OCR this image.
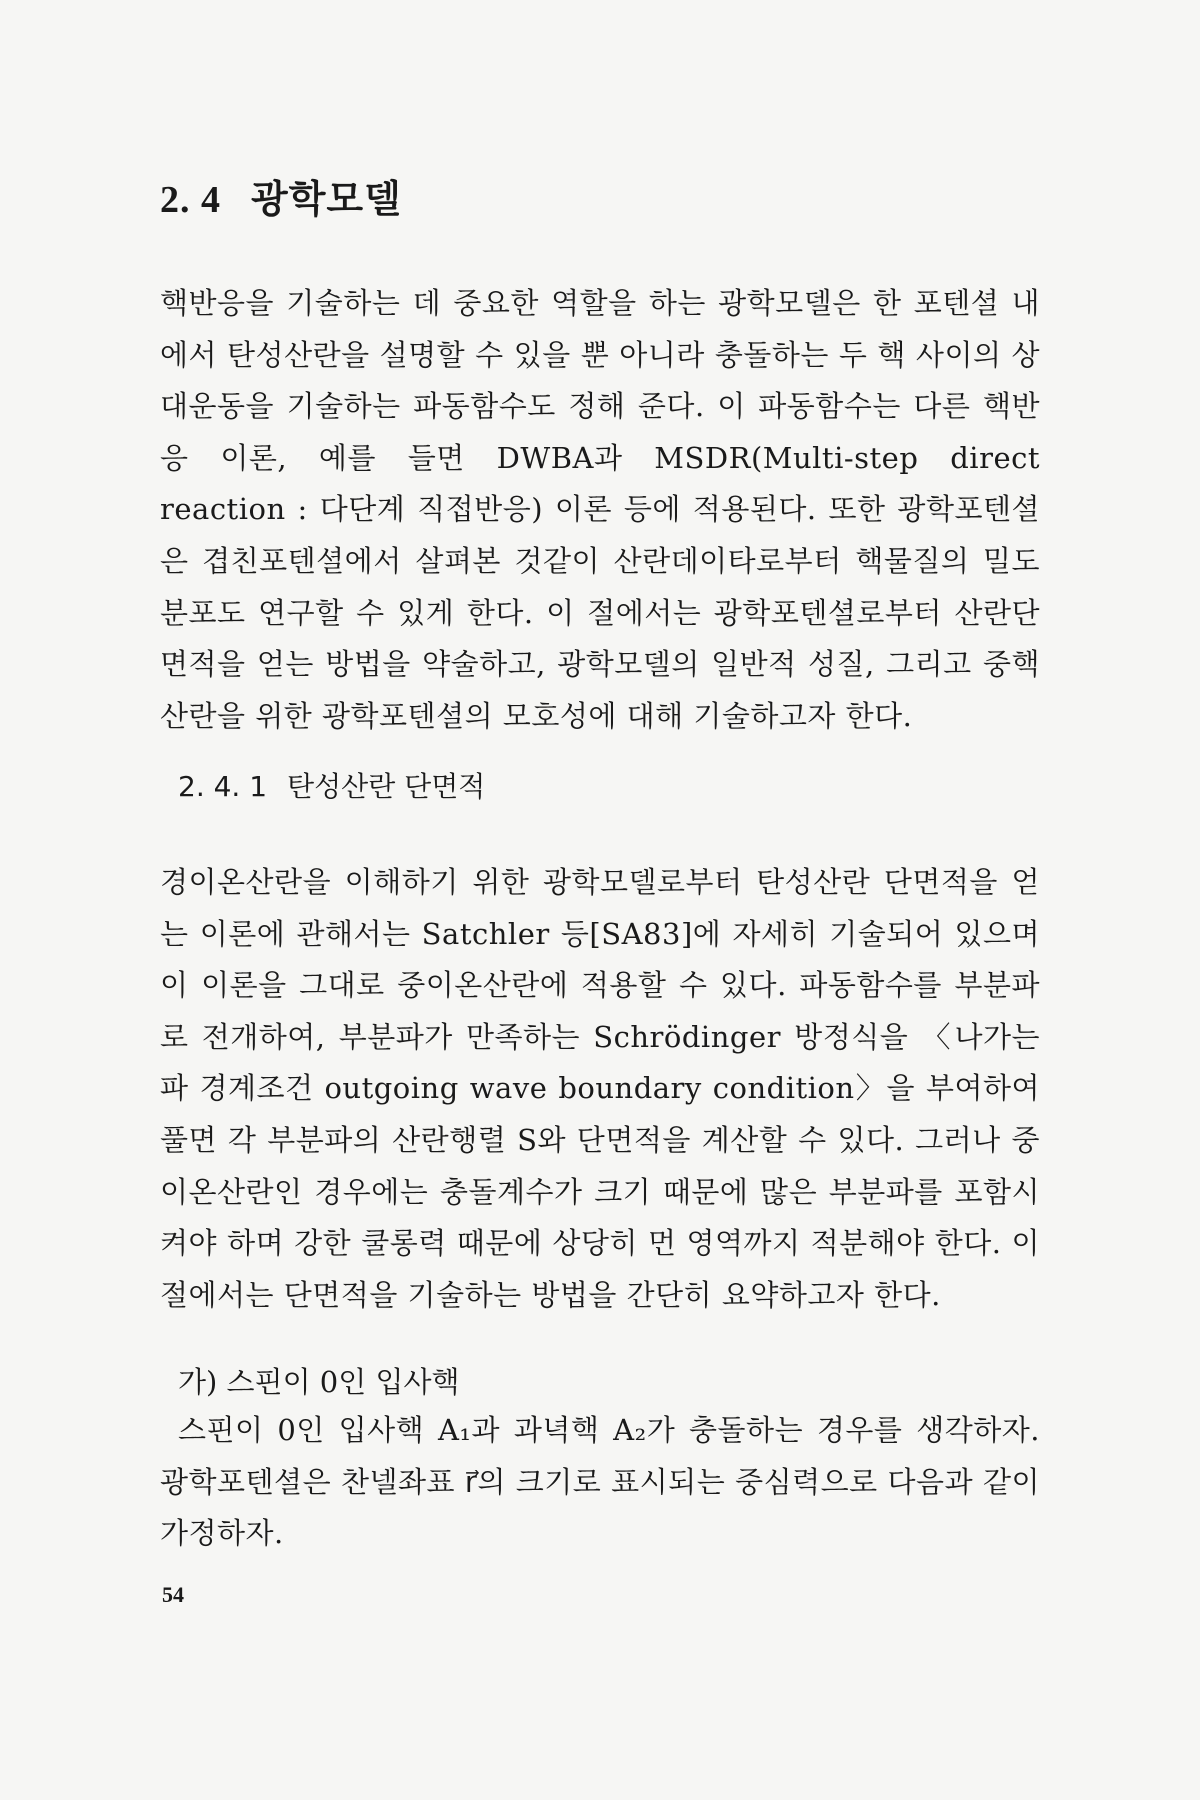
2. 4 광학모델

핵반응을 기술하는 데 중요한 역할을 하는 광학모델은 한 포텐셜 내에서 탄성산란을 설명할 수 있을 뿐 아니라 충돌하는 두 핵 사이의 상대운동을 기술하는 파동함수도 정해 준다. 이 파동함수는 다른 핵반응 이론, 예를 들면 DWBA과 MSDR(Multi-step direct reaction : 다단계 직접반응) 이론 등에 적용된다. 또한 광학포텐셜은 겹친포텐셜에서 살펴본 것같이 산란데이타로부터 핵물질의 밀도분포도 연구할 수 있게 한다. 이 절에서는 광학포텐셜로부터 산란단면적을 얻는 방법을 약술하고, 광학모델의 일반적 성질, 그리고 중핵산란을 위한 광학포텐셜의 모호성에 대해 기술하고자 한다.

2. 4. 1 탄성산란 단면적

경이온산란을 이해하기 위한 광학모델로부터 탄성산란 단면적을 얻는 이론에 관해서는 Satchler 등[SA83]에 자세히 기술되어 있으며 이 이론을 그대로 중이온산란에 적용할 수 있다. 파동함수를 부분파로 전개하여, 부분파가 만족하는 Schrödinger 방정식을 〈나가는 파 경계조건 outgoing wave boundary condition〉을 부여하여 풀면 각 부분파의 산란행렬 S와 단면적을 계산할 수 있다. 그러나 중이온산란인 경우에는 충돌계수가 크기 때문에 많은 부분파를 포함시켜야 하며 강한 쿨롱력 때문에 상당히 먼 영역까지 적분해야 한다. 이 절에서는 단면적을 기술하는 방법을 간단히 요약하고자 한다.

가) 스핀이 0인 입사핵

스핀이 0인 입사핵 A₁과 과녁핵 A₂가 충돌하는 경우를 생각하자. 광학포텐셜은 찬넬좌표 r⃗의 크기로 표시되는 중심력으로 다음과 같이 가정하자.

54
